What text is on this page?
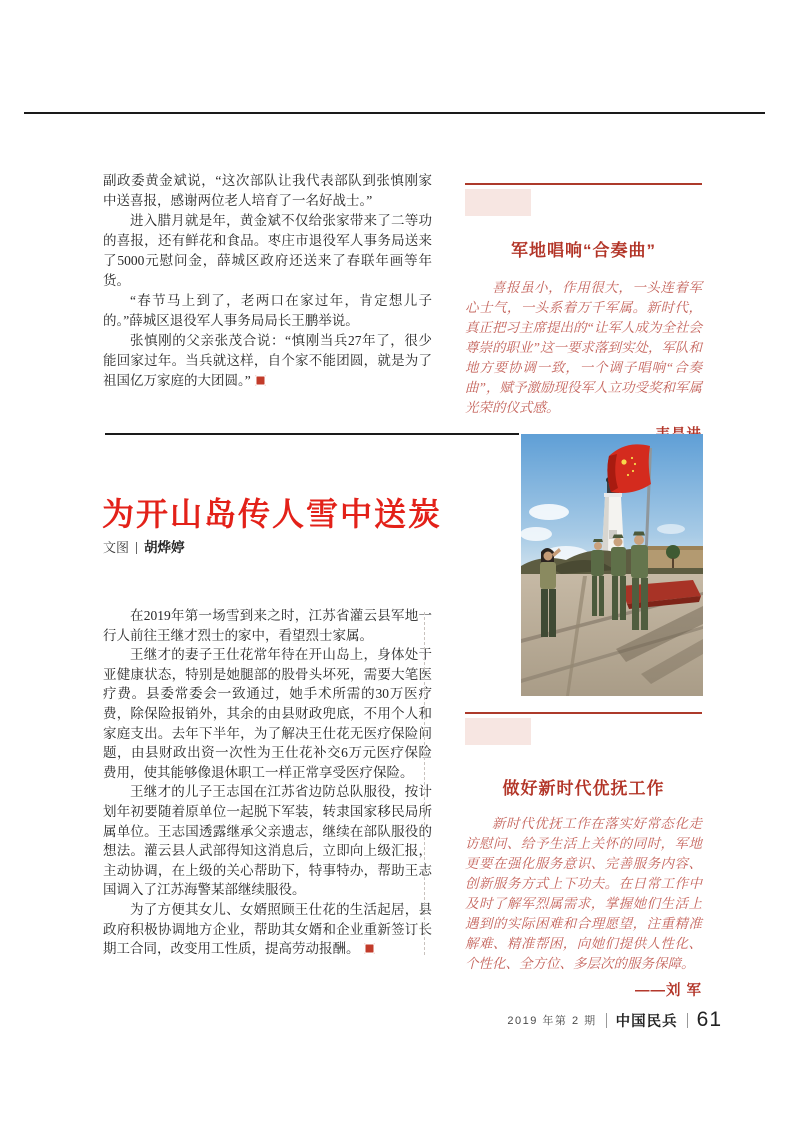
副政委黄金斌说，“这次部队让我代表部队到张慎刚家中送喜报，感谢两位老人培育了一名好战士。”

进入腊月就是年，黄金斌不仅给张家带来了二等功的喜报，还有鲜花和食品。枣庄市退役军人事务局送来了5000元慰问金，薛城区政府还送来了春联年画等年货。

“春节马上到了，老两口在家过年，肯定想儿子的。”薛城区退役军人事务局局长王鹏举说。

张慎刚的父亲张茂合说：“慎刚当兵27年了，很少能回家过年。当兵就这样，自个家不能团圆，就是为了祖国亿万家庭的大团圆。”

军地唱响“合奏曲”
喜报虽小，作用很大，一头连着军心士气，一头系着万千军属。新时代，真正把习主席提出的“让军人成为全社会尊崇的职业”这一要求落到实处，军队和地方要协调一致，一个调子唱响“合奏曲”，赋予激励现役军人立功受奖和军属光荣的仪式感。
为开山岛传人雪中送炭
文图 胡烨婷

在2019年第一场雪到来之时，江苏省灌云县军地一行人前往王继才烈士的家中，看望烈士家属。

王继才的妻子王仕花常年待在开山岛上，身体处于亚健康状态，特别是她腿部的股骨头坏死，需要大笔医疗费。县委常委会一致通过，她手术所需的30万医疗费，除保险报销外，其余的由县财政兜底，不用个人和家庭支出。去年下半年，为了解决王仕花无医疗保险问题，由县财政出资一次性为王仕花补交6万元医疗保险费用，使其能够像退休职工一样正常享受医疗保险。

王继才的儿子王志国在江苏省边防总队服役，按计划年初要随着原单位一起脱下军装，转隶国家移民局所属单位。王志国透露继承父亲遗志，继续在部队服役的想法。灌云县人武部得知这消息后，立即向上级汇报，主动协调，在上级的关心帮助下，特事特办，帮助王志国调入了江苏海警某部继续服役。

为了方便其女儿、女婿照顾王仕花的生活起居，县政府积极协调地方企业，帮助其女婿和企业重新签订长期工合同，改变用工性质，提高劳动报酬。

做好新时代优抚工作
新时代优抚工作在落实好常态化走访慰问、给予生活上关怀的同时，军地更要在强化服务意识、完善服务内容、创新服务方式上下功夫。在日常工作中及时了解军烈属需求，掌握她们生活上遇到的实际困难和合理愿望，注重精准解难、精准帮困，向她们提供人性化、个性化、全方位、多层次的服务保障。
——刘 军
2019 年第 2 期 中国民兵 61
